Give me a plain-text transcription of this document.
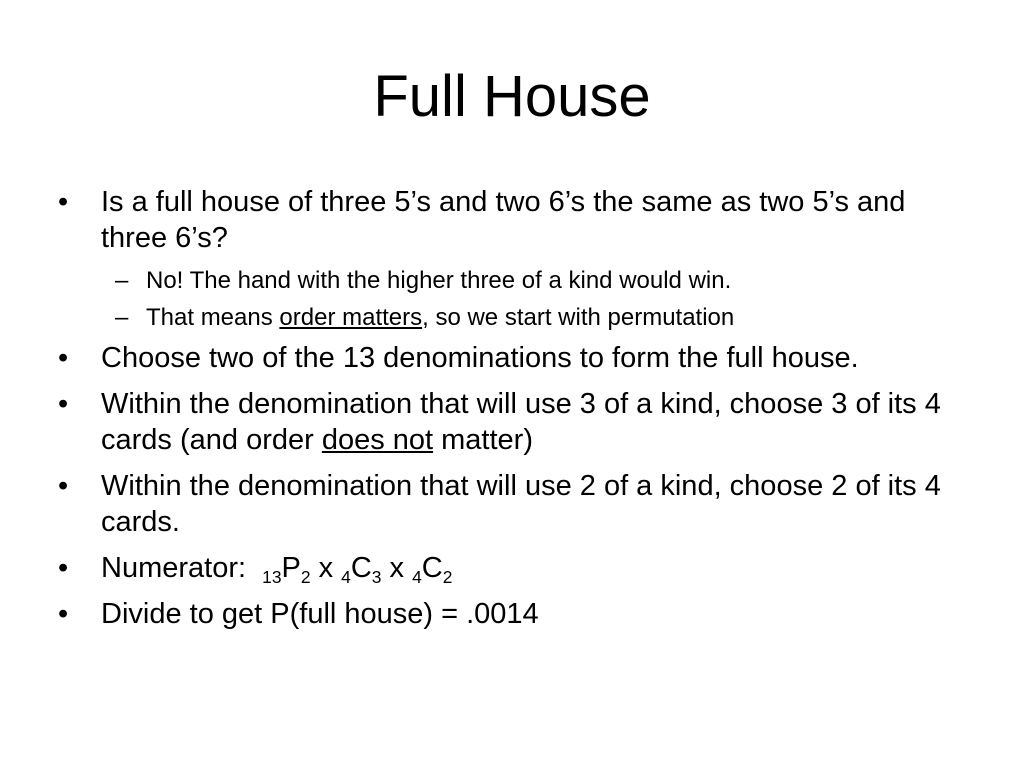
Full House
• Is a full house of three 5’s and two 6’s the same as two 5’s and three 6’s?
– No! The hand with the higher three of a kind would win.
– That means order matters, so we start with permutation
• Choose two of the 13 denominations to form the full house.
• Within the denomination that will use 3 of a kind, choose 3 of its 4 cards (and order does not matter)
• Within the denomination that will use 2 of a kind, choose 2 of its 4 cards.
• Numerator:  $_{13}P_2$ x $_4C_3$ x $_4C_2$
• Divide to get P(full house) = .0014
